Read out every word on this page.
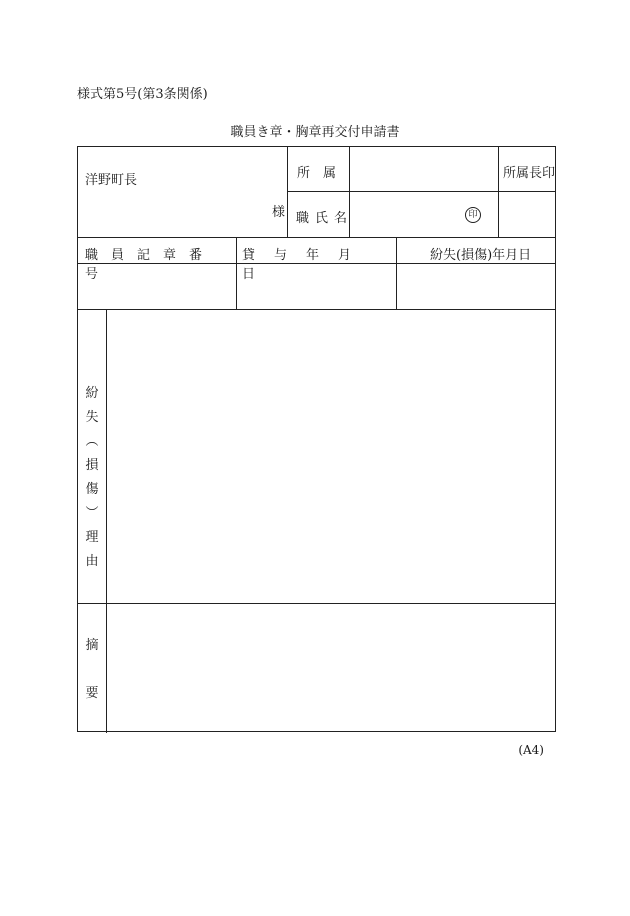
様式第5号(第3条関係)
職員き章・胸章再交付申請書
洋野町長
様
所　属
職氏名	印
所属長印
職員記章番号
貸与年月日
紛失(損傷)年月日
紛
失
︵
損
傷
︶
理
由
摘
要
(A4)
